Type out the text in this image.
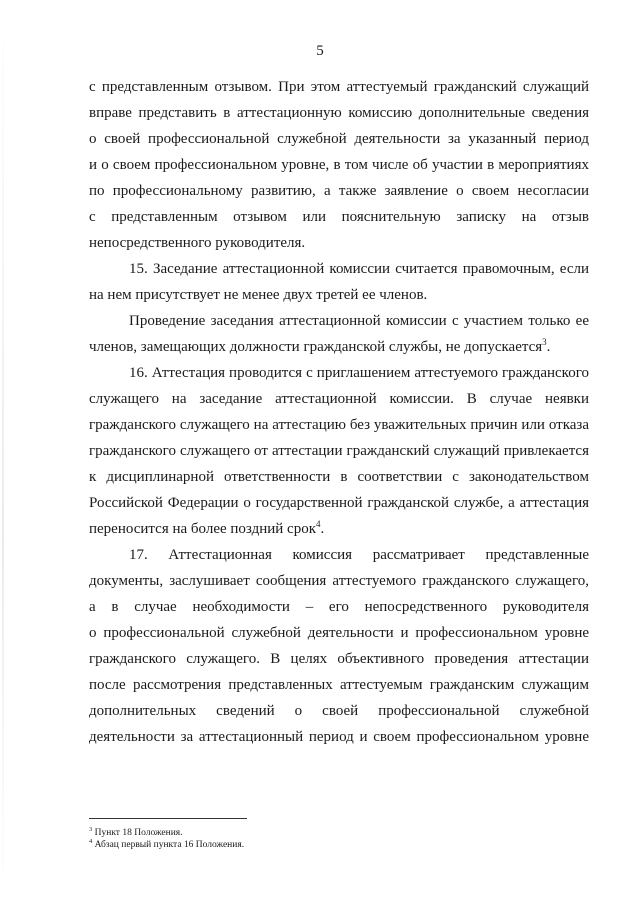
5
с представленным отзывом. При этом аттестуемый гражданский служащий
вправе представить в аттестационную комиссию дополнительные сведения
о своей профессиональной служебной деятельности за указанный период
и о своем профессиональном уровне, в том числе об участии в мероприятиях
по профессиональному развитию, а также заявление о своем несогласии
с представленным отзывом или пояснительную записку на отзыв
непосредственного руководителя.
15. Заседание аттестационной комиссии считается правомочным, если
на нем присутствует не менее двух третей ее членов.
Проведение заседания аттестационной комиссии с участием только ее
членов, замещающих должности гражданской службы, не допускается$^3$.
16. Аттестация проводится с приглашением аттестуемого гражданского
служащего на заседание аттестационной комиссии. В случае неявки
гражданского служащего на аттестацию без уважительных причин или отказа
гражданского служащего от аттестации гражданский служащий привлекается
к дисциплинарной ответственности в соответствии с законодательством
Российской Федерации о государственной гражданской службе, а аттестация
переносится на более поздний срок$^4$.
17. Аттестационная комиссия рассматривает представленные
документы, заслушивает сообщения аттестуемого гражданского служащего,
а в случае необходимости – его непосредственного руководителя
о профессиональной служебной деятельности и профессиональном уровне
гражданского служащего. В целях объективного проведения аттестации
после рассмотрения представленных аттестуемым гражданским служащим
дополнительных сведений о своей профессиональной служебной
деятельности за аттестационный период и своем профессиональном уровне

$^3$ Пункт 18 Положения.

$^4$ Абзац первый пункта 16 Положения.
